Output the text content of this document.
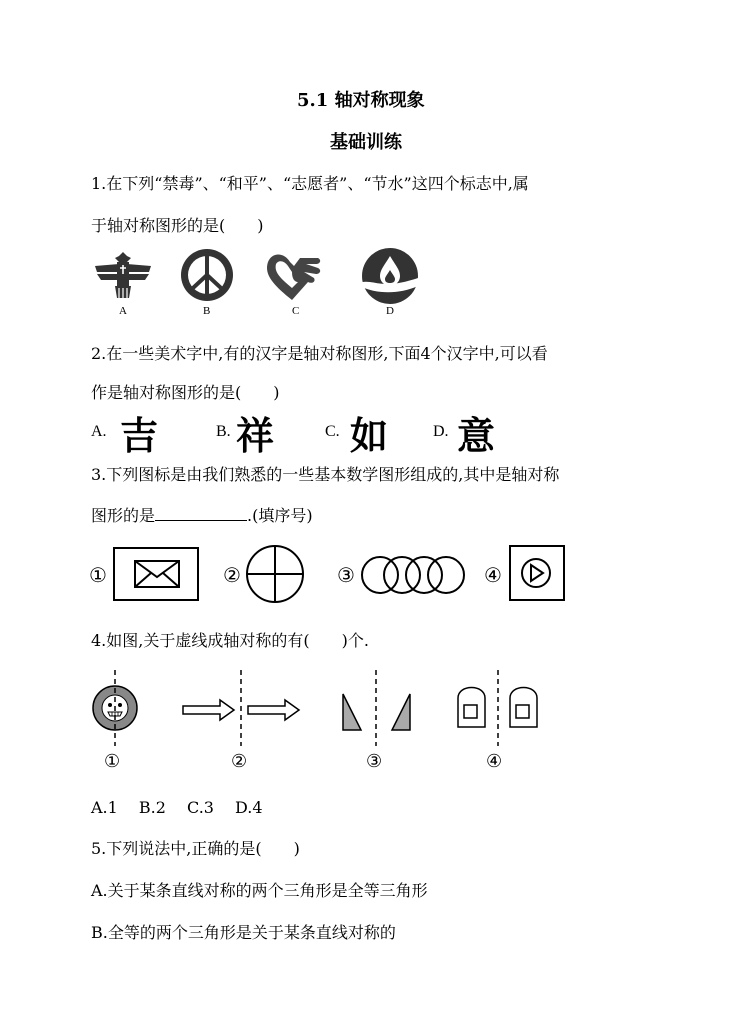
5.1 轴对称现象
基础训练
1.在下列“禁毒”、“和平”、“志愿者”、“节水”这四个标志中,属
于轴对称图形的是(　　)
A	B	C	D
2.在一些美术字中,有的汉字是轴对称图形,下面4个汉字中,可以看
作是轴对称图形的是(　　)
A. 吉	B. 祥	C. 如	D. 意
3.下列图标是由我们熟悉的一些基本数学图形组成的,其中是轴对称
图形的是	.(填序号)
①	②	③	④
4.如图,关于虚线成轴对称的有(　　)个.
①	②	③	④
A.1　 B.2　 C.3　 D.4
5.下列说法中,正确的是(　　)
A.关于某条直线对称的两个三角形是全等三角形
B.全等的两个三角形是关于某条直线对称的
